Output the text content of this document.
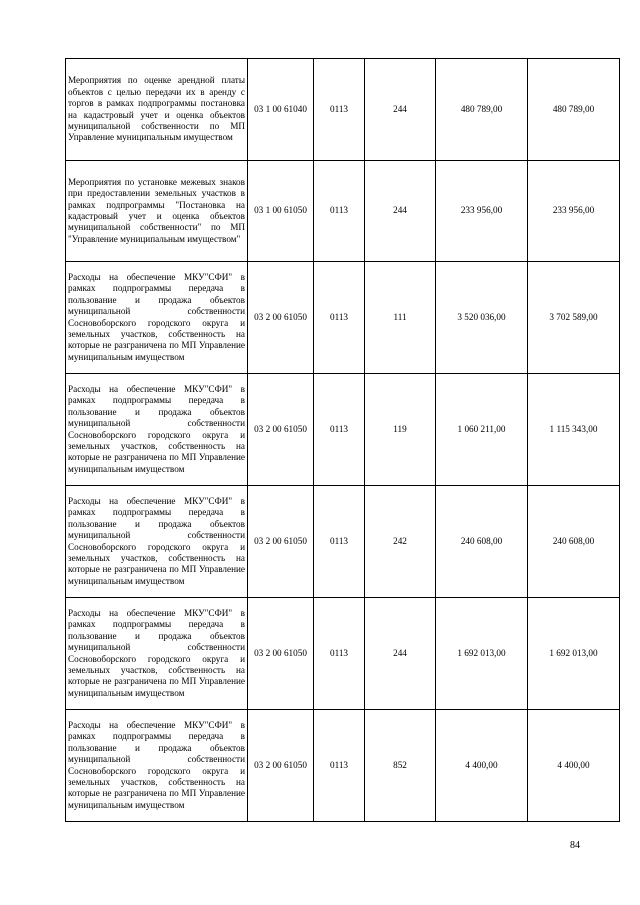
Мероприятия по оценке арендной платы объектов с целью передачи их в аренду с торгов в рамках подпрограммы постановка на кадастровый учет и оценка объектов муниципальной собственности по МП Управление муниципальным имуществом	03 1 00 61040	0113	244	480 789,00	480 789,00
Мероприятия по установке межевых знаков при предоставлении земельных участков в рамках подпрограммы "Постановка на кадастровый учет и оценка объектов муниципальной собственности" по МП "Управление муниципальным имуществом"	03 1 00 61050	0113	244	233 956,00	233 956,00
Расходы на обеспечение МКУ"СФИ" в рамках подпрограммы передача в пользование и продажа объектов муниципальной собственности Сосновоборского городского округа и земельных участков, собственность на которые не разграничена по МП Управление муниципальным имуществом	03 2 00 61050	0113	111	3 520 036,00	3 702 589,00
Расходы на обеспечение МКУ"СФИ" в рамках подпрограммы передача в пользование и продажа объектов муниципальной собственности Сосновоборского городского округа и земельных участков, собственность на которые не разграничена по МП Управление муниципальным имуществом	03 2 00 61050	0113	119	1 060 211,00	1 115 343,00
Расходы на обеспечение МКУ"СФИ" в рамках подпрограммы передача в пользование и продажа объектов муниципальной собственности Сосновоборского городского округа и земельных участков, собственность на которые не разграничена по МП Управление муниципальным имуществом	03 2 00 61050	0113	242	240 608,00	240 608,00
Расходы на обеспечение МКУ"СФИ" в рамках подпрограммы передача в пользование и продажа объектов муниципальной собственности Сосновоборского городского округа и земельных участков, собственность на которые не разграничена по МП Управление муниципальным имуществом	03 2 00 61050	0113	244	1 692 013,00	1 692 013,00
Расходы на обеспечение МКУ"СФИ" в рамках подпрограммы передача в пользование и продажа объектов муниципальной собственности Сосновоборского городского округа и земельных участков, собственность на которые не разграничена по МП Управление муниципальным имуществом	03 2 00 61050	0113	852	4 400,00	4 400,00
84
